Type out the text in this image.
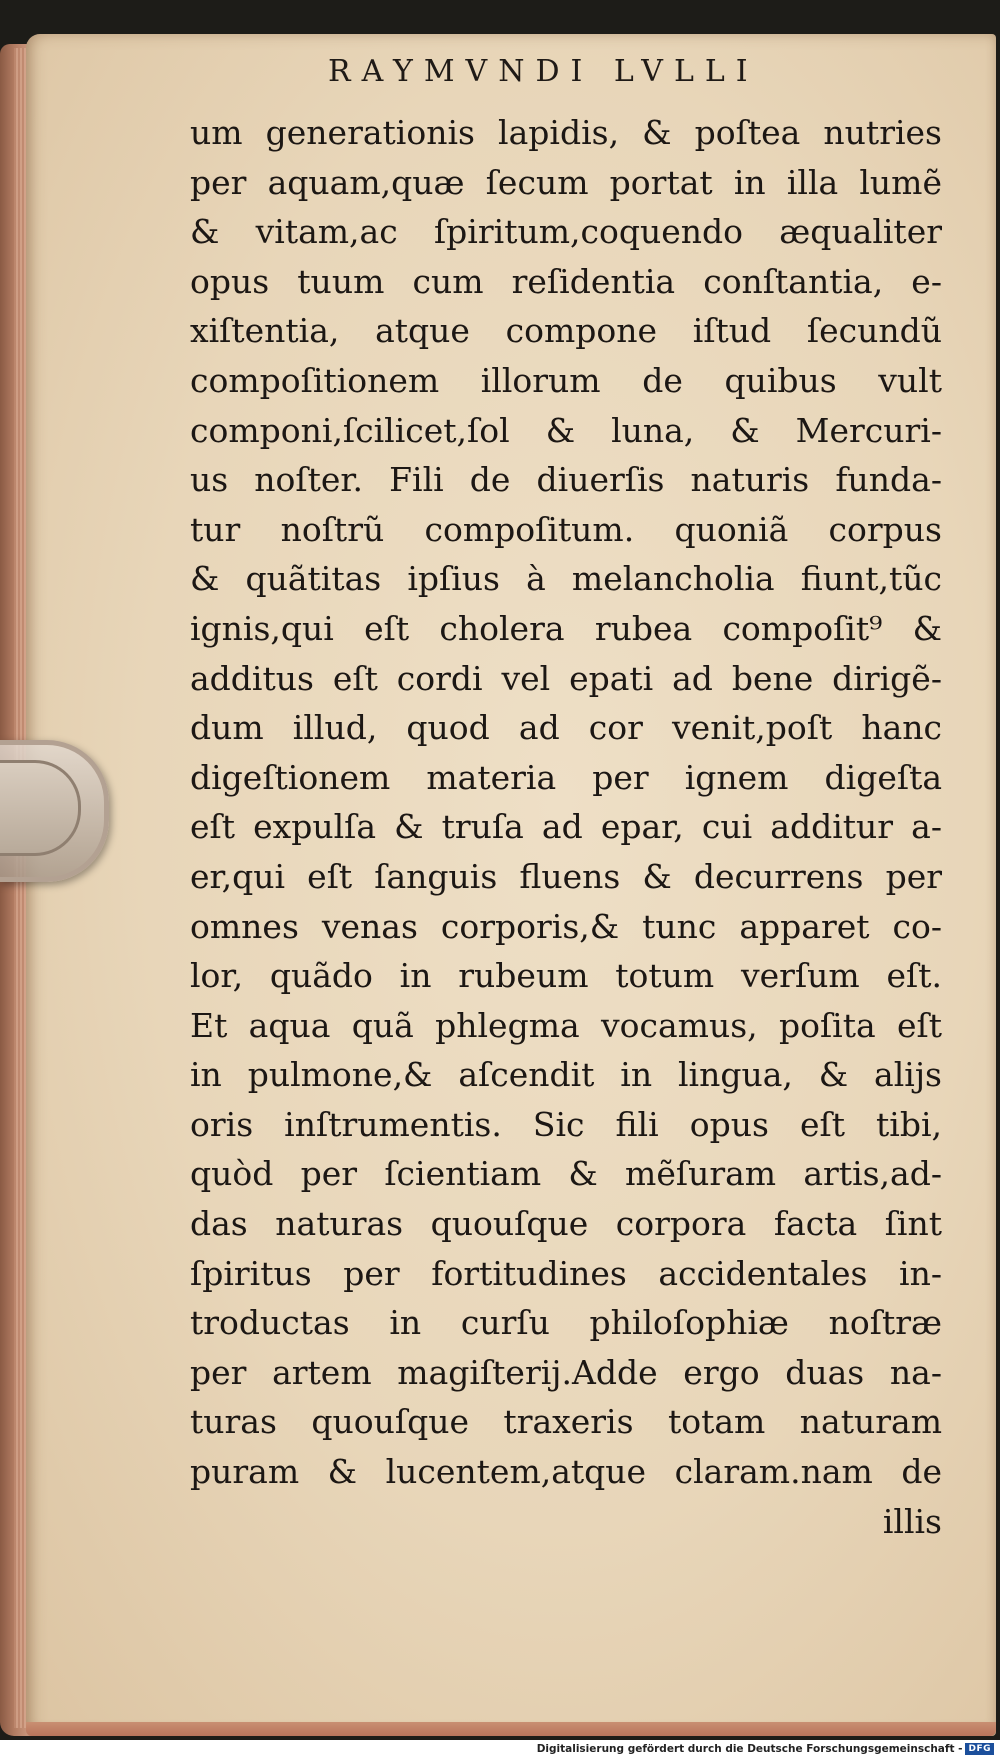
RAYMVNDI LVLLI
um generationis lapidis, & poſtea nutries
per aquam,quæ ſecum portat in illa lumẽ
& vitam,ac ſpiritum,coquendo æqualiter
opus tuum cum reſidentia conſtantia, e-
xiſtentia, atque compone iſtud ſecundũ
compoſitionem illorum de quibus vult
componi,ſcilicet,ſol & luna, & Mercuri-
us noſter. Fili de diuerſis naturis funda-
tur noſtrũ compoſitum. quoniã corpus
& quãtitas ipſius à melancholia fiunt,tũc
ignis,qui eſt cholera rubea compoſit⁹ &
additus eſt cordi vel epati ad bene dirigẽ-
dum illud, quod ad cor venit,poſt hanc
digeſtionem materia per ignem digeſta
eſt expulſa & truſa ad epar, cui additur a-
er,qui eſt ſanguis fluens & decurrens per
omnes venas corporis,& tunc apparet co-
lor, quãdo in rubeum totum verſum eſt.
Et aqua quã phlegma vocamus, poſita eſt
in pulmone,& aſcendit in lingua, & alijs
oris inſtrumentis. Sic fili opus eſt tibi,
quòd per ſcientiam & mẽſuram artis,ad-
das naturas quouſque corpora facta ſint
ſpiritus per fortitudines accidentales in-
troductas in curſu philoſophiæ noſtræ
per artem magiſterij.Adde ergo duas na-
turas quouſque traxeris totam naturam
puram & lucentem,atque claram.nam de
illis
Digitalisierung gefördert durch die Deutsche Forschungsgemeinschaft - DFG
